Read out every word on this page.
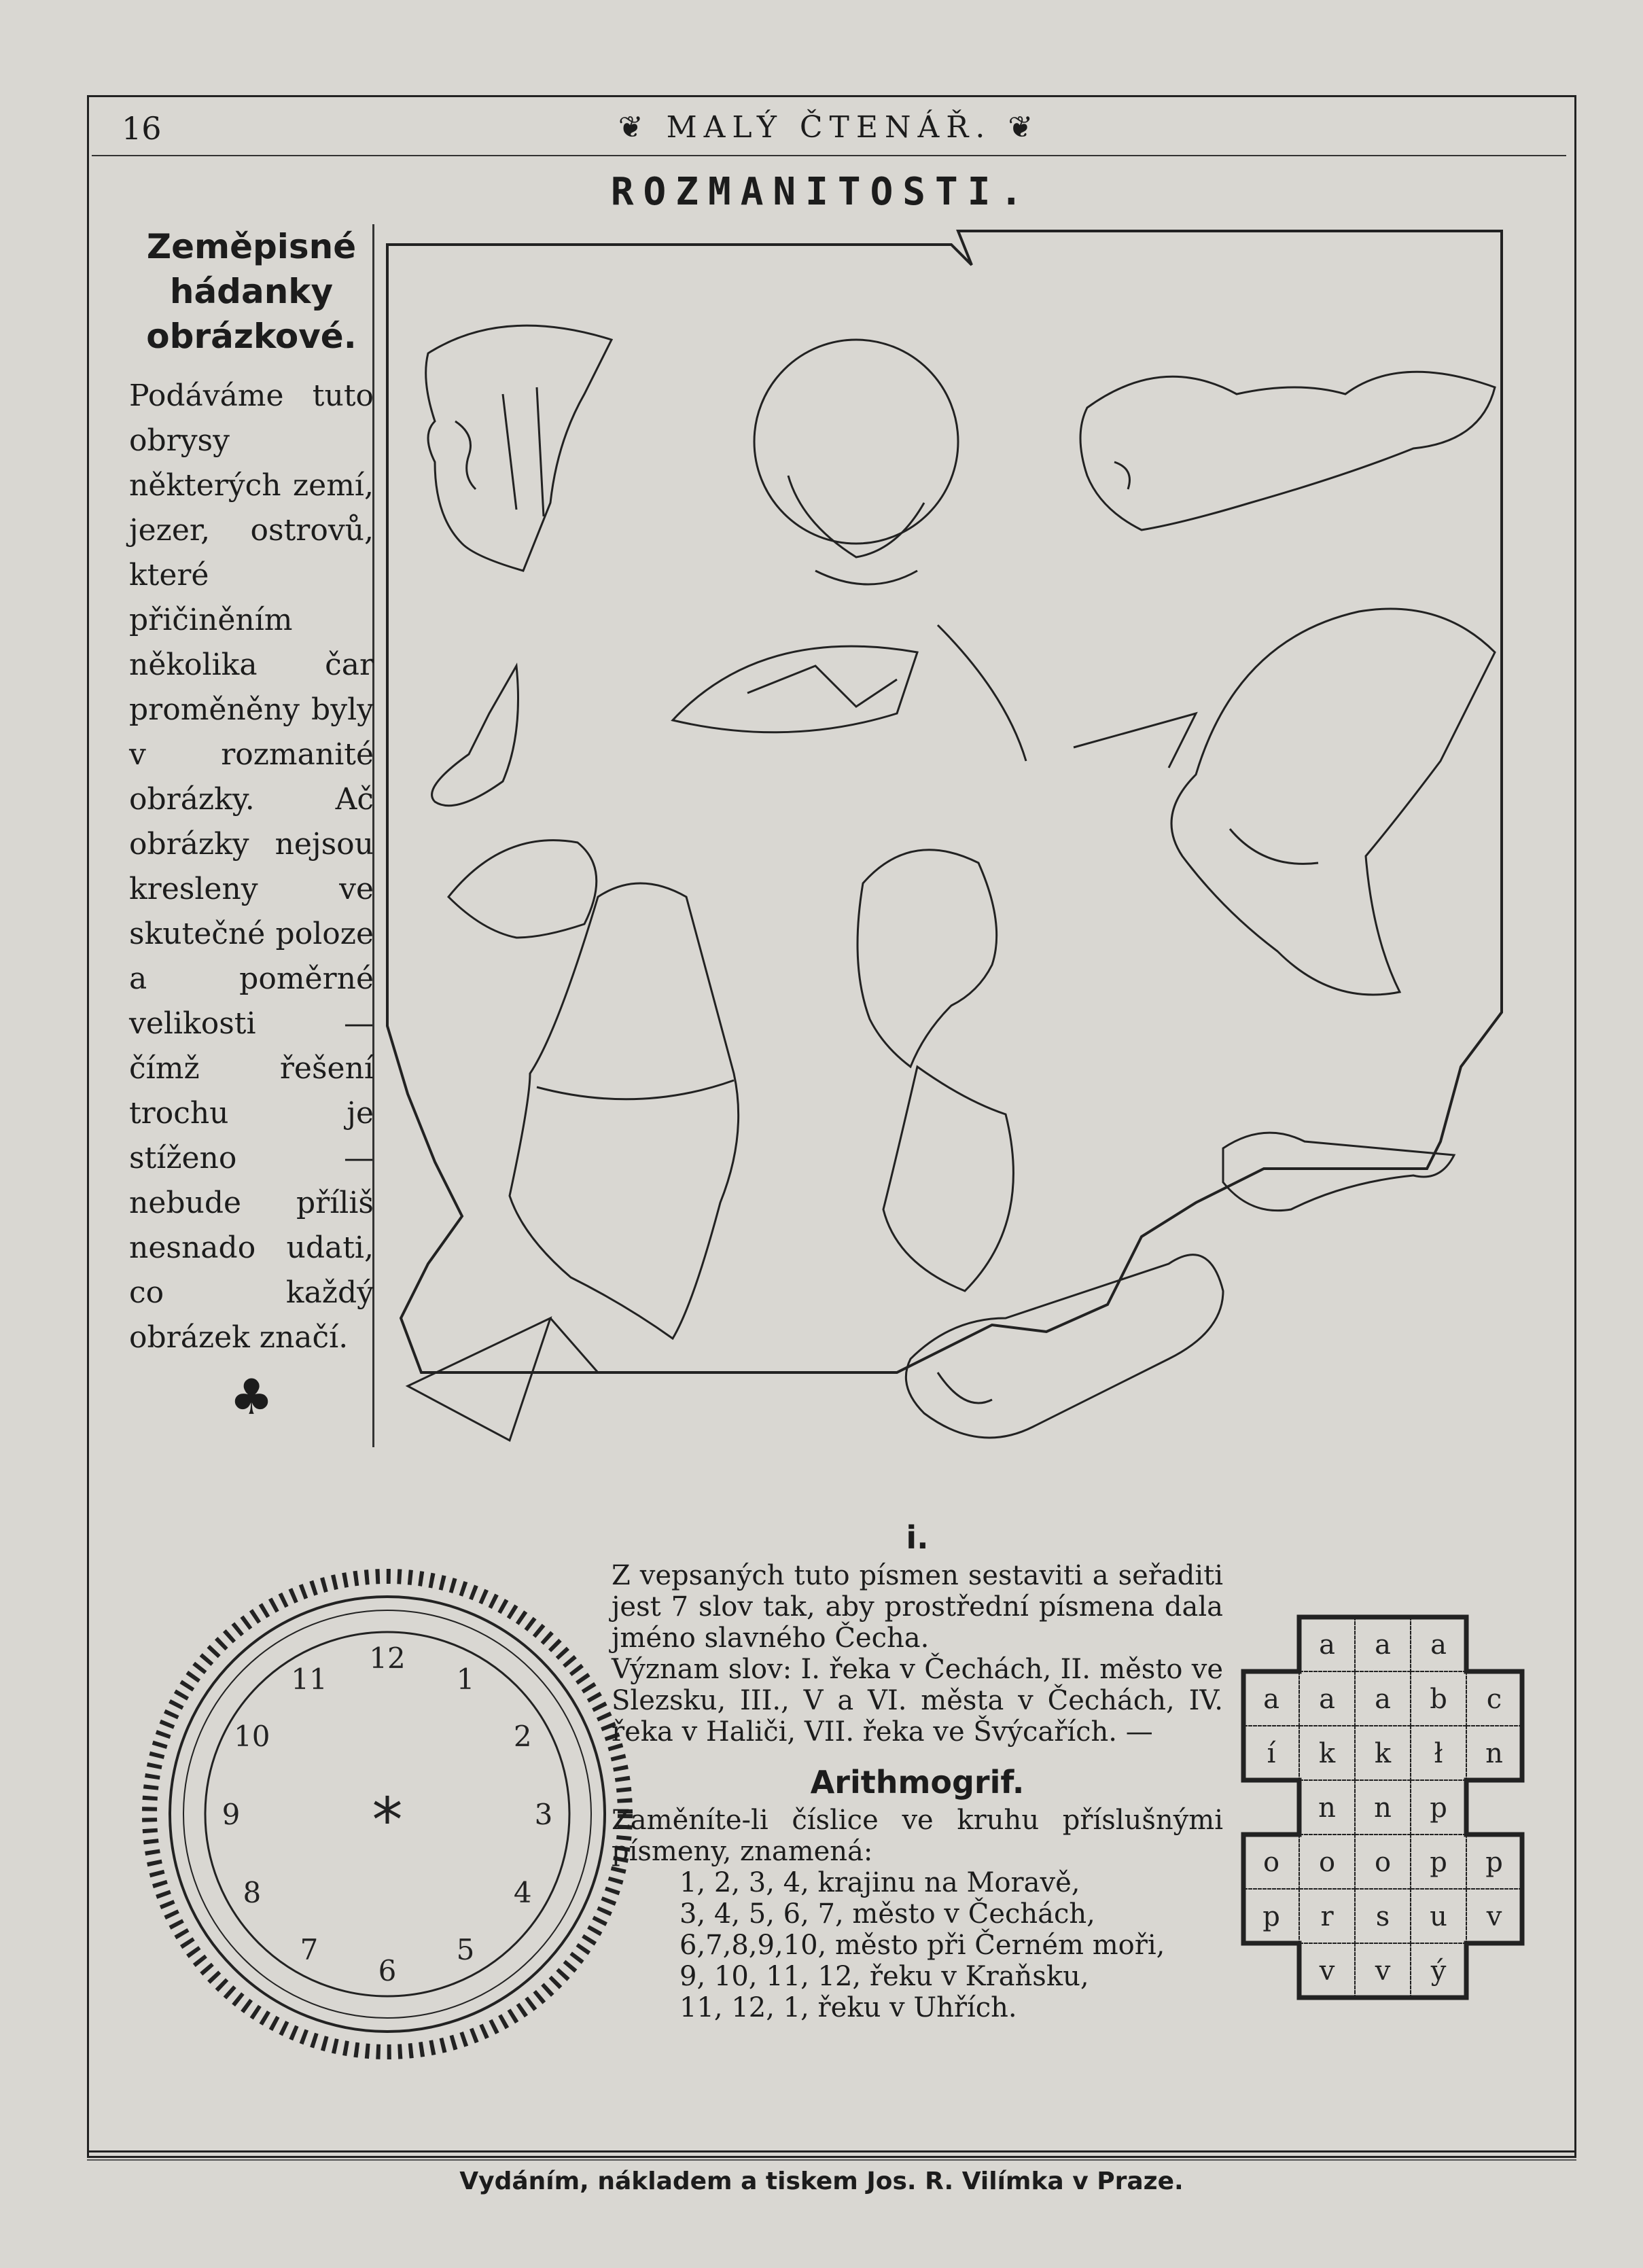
16	❦ MALÝ ČTENÁŘ. ❦
ROZMANITOSTI.
Zeměpisné
hádanky
obrázkové.

Podáváme tuto obrysy některých zemí, jezer, ostrovů, které přičiněním několika čar proměněny byly v rozmanité obrázky. Ač obrázky nejsou kresleny ve skutečné poloze a poměrné velikosti — čímž řešení trochu je stíženo — nebude příliš nesnado udati, co každý obrázek značí.

♣
12
1
2
3
4
5
6
7
8
9
10
11
*
i.

Z vepsaných tuto písmen sestaviti a seřaditi jest 7 slov tak, aby prostřední písmena dala jméno slavného Čecha.

Význam slov: I. řeka v Čechách, II. město ve Slezsku, III., V a VI. města v Čechách, IV. řeka v Haliči, VII. řeka ve Švýcařích. —

Arithmogrif.

Zaměníte-li číslice ve kruhu příslušnými písmeny, znamená:

1, 2, 3, 4, krajinu na Moravě,

3, 4, 5, 6, 7, město v Čechách,

6,7,8,9,10, město při Černém moři,

9, 10, 11, 12, řeku v Kraňsku,

11, 12, 1, řeku v Uhřích.

a a a
a a a b c
í k k ł n
n n p
o o o p p
p r s u v
v v ý
Vydáním, nákladem a tiskem Jos. R. Vilímka v Praze.
